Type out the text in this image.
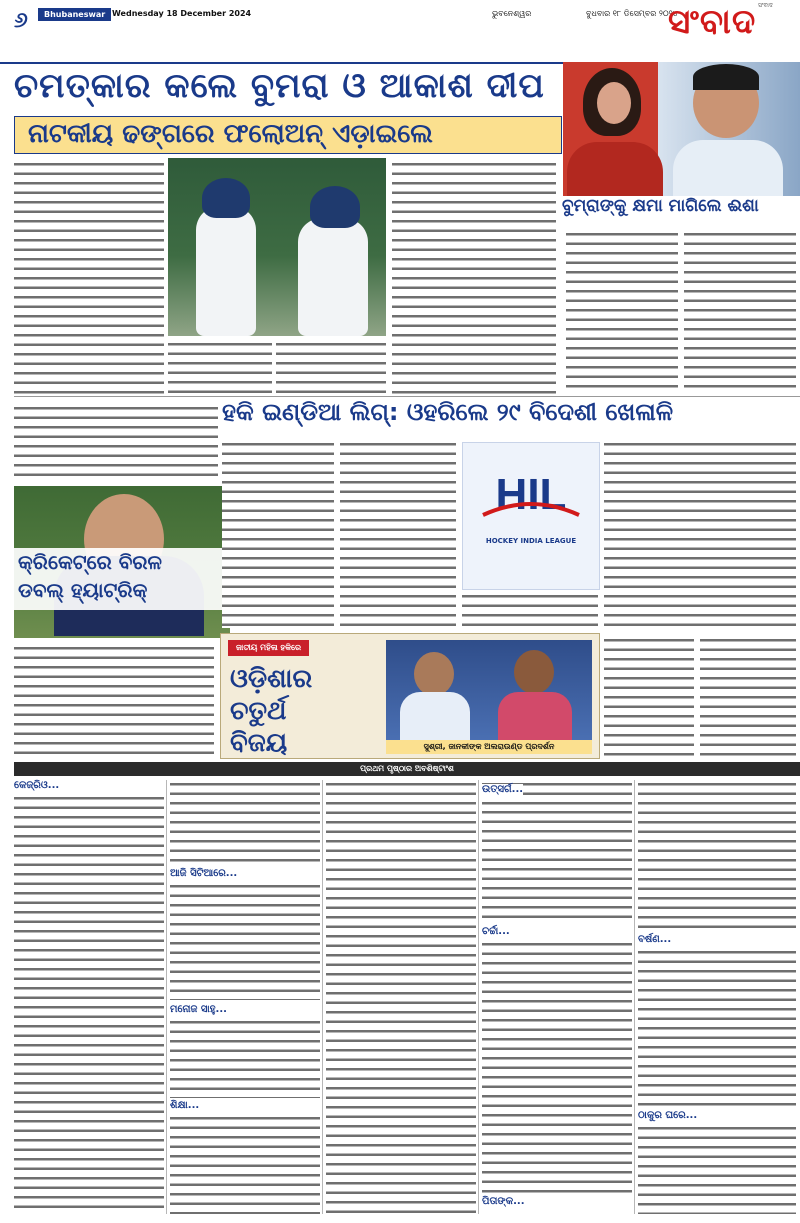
୬	Bhubaneswar Wednesday 18 December 2024	ଭୁବନେଶ୍ୱର	ବୁଧବାର ୧୮ ଡିସେମ୍ବର ୨୦୨୪
ସଂବାଦ ସଂବାଦ
ଚମତ୍କାର କଲେ ବୁମରା ଓ ଆକାଶ ଦୀପ
ନାଟକୀୟ ଢଙ୍ଗରେ ଫଲୋଅନ୍ ଏଡ଼ାଇଲେ
ବୁମ୍‌ରାଙ୍କୁ କ୍ଷମା ମାଗିଲେ ଈଶା
କ୍ରିକେଟ୍‌ରେ ବିରଳ
ଡବଲ୍ ହ୍ୟାଟ୍ରିକ୍
ହକି ଇଣ୍ଡିଆ ଲିଗ୍: ଓହରିଲେ ୨୯ ବିଦେଶୀ ଖେଳାଳି
HIL
HOCKEY INDIA LEAGUE
ଜାତୀୟ ମହିଳା ହକିରେ
ଓଡ଼ିଶାର
ଚତୁର୍ଥ
ବିଜୟ	ସୁଶ୍ରୀ, ଜାନକୀଙ୍କ ଅଲରାଉଣ୍ଡ ପ୍ରଦର୍ଶନ
ପ୍ରଥମ ପୃଷ୍ଠାର ଅବଶିଷ୍ଟାଂଶ
କେଜ୍ରିଓ...
ଆଜି ସିଟିଆରେ...
ମନୋଜ ସାହୁ...
ଶିକ୍ଷା...
ଉତ୍ସର୍ଗ...
ଚର୍ଚ୍ଚା...
ପିତାଙ୍କ...
ବର୍ଷଣ...
ଠାକୁର ଘରେ...
